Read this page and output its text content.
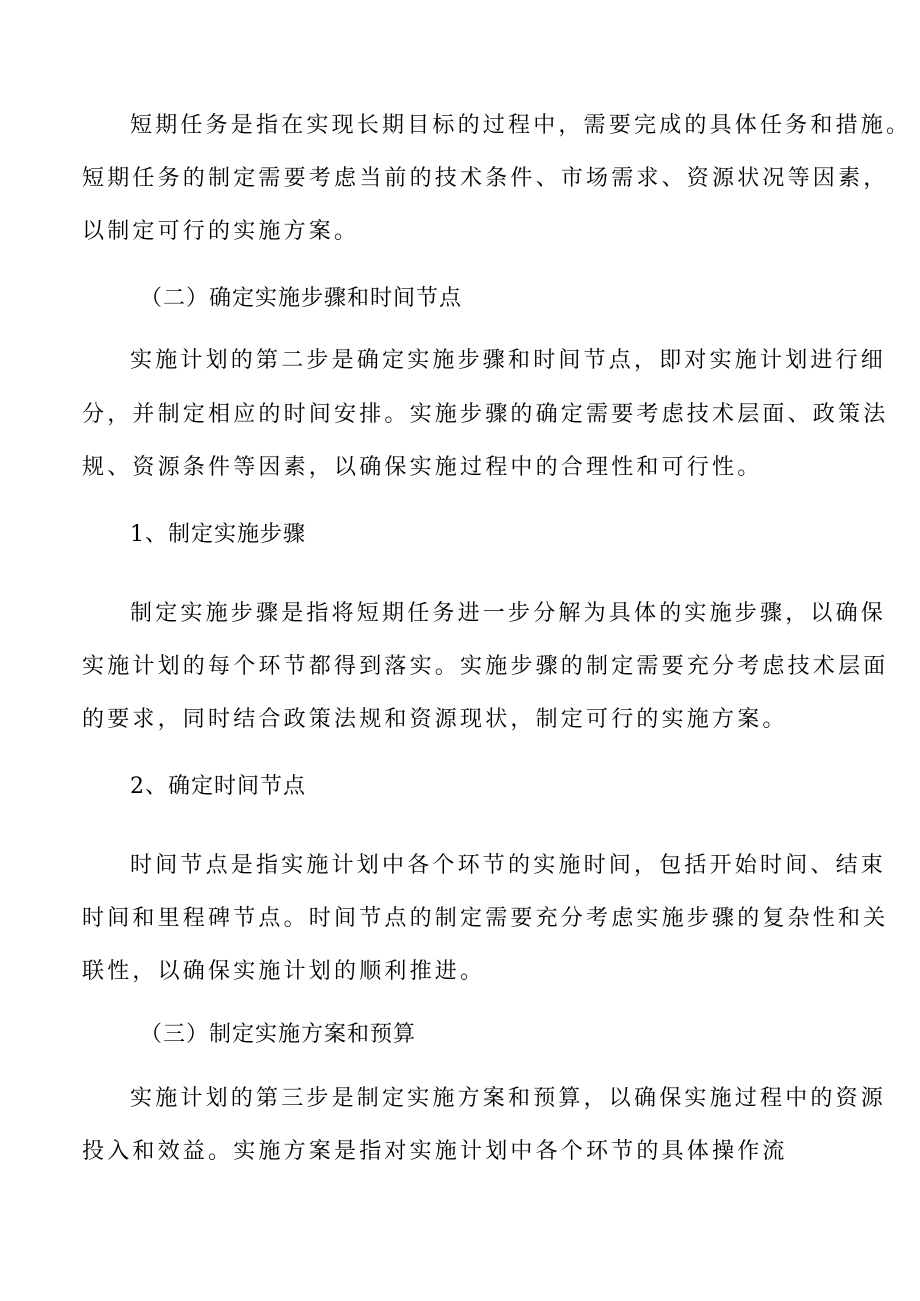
短期任务是指在实现长期目标的过程中，需要完成的具体任务和措施。
短期任务的制定需要考虑当前的技术条件、市场需求、资源状况等因素，
以制定可行的实施方案。
（二）确定实施步骤和时间节点
实施计划的第二步是确定实施步骤和时间节点，即对实施计划进行细
分，并制定相应的时间安排。实施步骤的确定需要考虑技术层面、政策法
规、资源条件等因素，以确保实施过程中的合理性和可行性。
1、制定实施步骤
制定实施步骤是指将短期任务进一步分解为具体的实施步骤，以确保
实施计划的每个环节都得到落实。实施步骤的制定需要充分考虑技术层面
的要求，同时结合政策法规和资源现状，制定可行的实施方案。
2、确定时间节点
时间节点是指实施计划中各个环节的实施时间，包括开始时间、结束
时间和里程碑节点。时间节点的制定需要充分考虑实施步骤的复杂性和关
联性，以确保实施计划的顺利推进。
（三）制定实施方案和预算
实施计划的第三步是制定实施方案和预算，以确保实施过程中的资源
投入和效益。实施方案是指对实施计划中各个环节的具体操作流
